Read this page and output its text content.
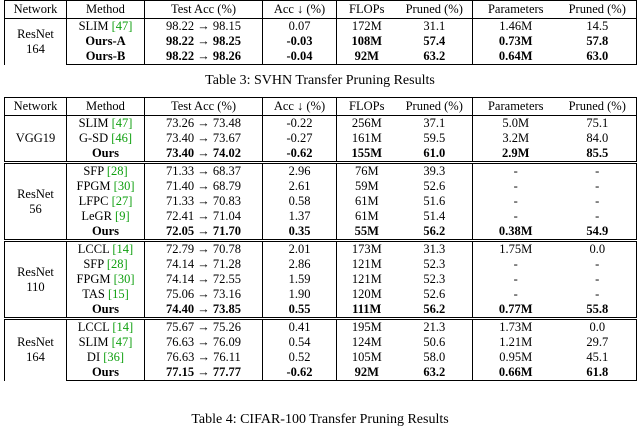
Network	Method	Test Acc (%)	Acc ↓ (%)	FLOPs	Pruned (%)	Parameters	Pruned (%)

ResNet
164	SLIM [47]	98.22 → 98.15	0.07	172M	31.1	1.46M	14.5
	Ours-A	98.22 → 98.25	-0.03	108M	57.4	0.73M	57.8
	Ours-B	98.22 → 98.26	-0.04	92M	63.2	0.64M	63.0
Table 3: SVHN Transfer Pruning Results
Network	Method	Test Acc (%)	Acc ↓ (%)	FLOPs	Pruned (%)	Parameters	Pruned (%)

VGG19	SLIM [47]	73.26 → 73.48	-0.22	256M	37.1	5.0M	75.1
	G-SD [46]	73.40 → 73.67	-0.27	161M	59.5	3.2M	84.0
	Ours	73.40 → 74.02	-0.62	155M	61.0	2.9M	85.5

ResNet
56	SFP [28]	71.33 → 68.37	2.96	76M	39.3	-	-
	FPGM [30]	71.40 → 68.79	2.61	59M	52.6	-	-
	LFPC [27]	71.33 → 70.83	0.58	61M	51.6	-	-
	LeGR [9]	72.41 → 71.04	1.37	61M	51.4	-	-
	Ours	72.05 → 71.70	0.35	55M	56.2	0.38M	54.9

ResNet
110	LCCL [14]	72.79 → 70.78	2.01	173M	31.3	1.75M	0.0
	SFP [28]	74.14 → 71.28	2.86	121M	52.3	-	-
	FPGM [30]	74.14 → 72.55	1.59	121M	52.3	-	-
	TAS [15]	75.06 → 73.16	1.90	120M	52.6	-	-
	Ours	74.40 → 73.85	0.55	111M	56.2	0.77M	55.8

ResNet
164	LCCL [14]	75.67 → 75.26	0.41	195M	21.3	1.73M	0.0
	SLIM [47]	76.63 → 76.09	0.54	124M	50.6	1.21M	29.7
	DI [36]	76.63 → 76.11	0.52	105M	58.0	0.95M	45.1
	Ours	77.15 → 77.77	-0.62	92M	63.2	0.66M	61.8
Table 4: CIFAR-100 Transfer Pruning Results
